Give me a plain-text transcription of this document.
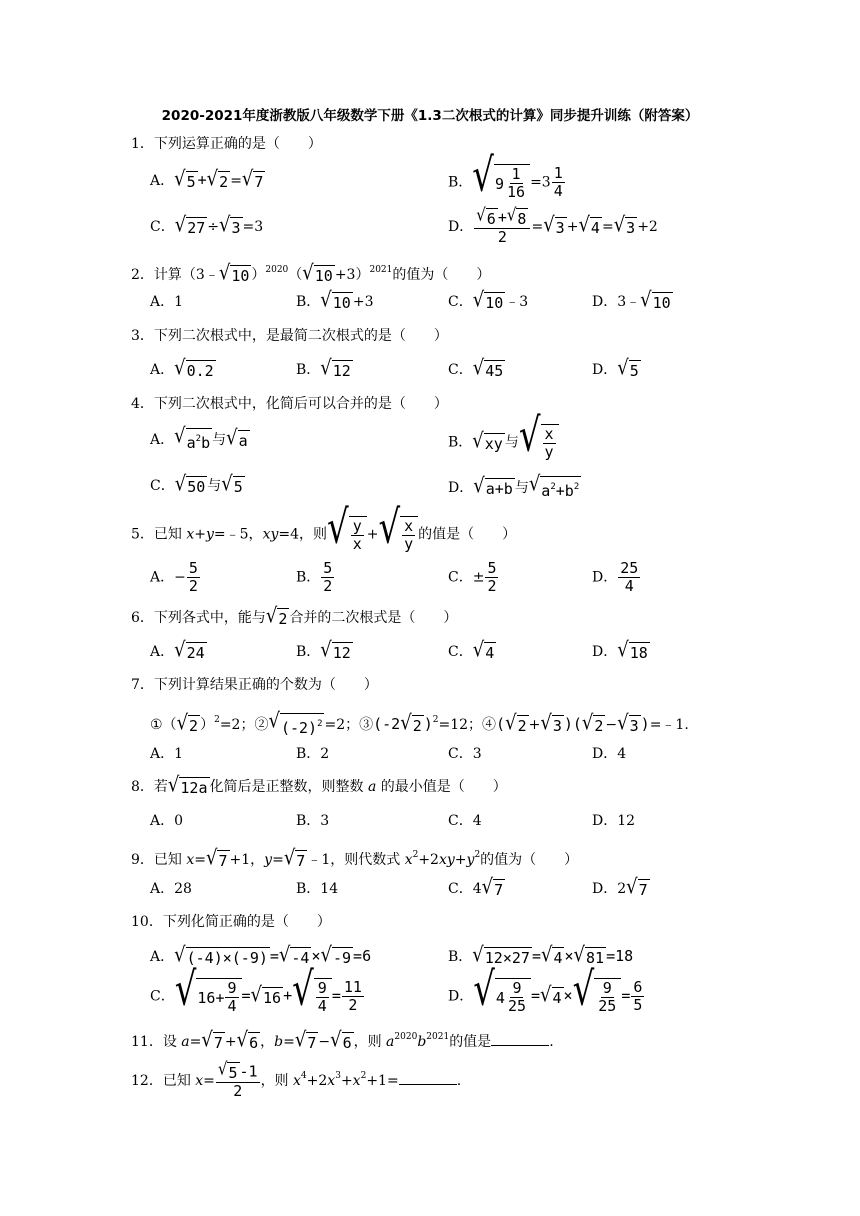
2020-2021年度浙教版八年级数学下册《1.3二次根式的计算》同步提升训练（附答案）
1．下列运算正确的是（　　）
A． √ 5 + √ 2 = √ 7	B． √ $9 \frac{1}{16} =3 \frac{1}{4}$
C． √ 27 ÷ √ 3 =3	D． $\frac{√ 6 + √ 8}{2}$ = √ 3 + √ 4 = √ 3 +2
2．计算（3﹣ √ 10 ）$^{2020}$（ √ 10 +3）$^{2021}$的值为（　　）
A．1	B． √ 10 +3	C． √ 10 ﹣3	D．3﹣ √ 10
3．下列二次根式中，是最简二次根式的是（　　）
A． √ 0.2	B． √ 12	C． √ 45	D． √ 5
4．下列二次根式中，化简后可以合并的是（　　）
A． √ $a^2b$ 与 √ a	B． √ xy 与 √ $\frac{x}{y}$
C． √ 50 与 √ 5	D． √ a+b 与 √ $a^2+b^2$
5．已知 x+y=﹣5，xy=4，则 √ $\frac{y}{x}$ + √ $\frac{x}{y}$ 的值是（　　）
A．− $\frac{5}{2}$	B． $\frac{5}{2}$	C．± $\frac{5}{2}$	D． $\frac{25}{4}$
6．下列各式中，能与 √ 2 合并的二次根式是（　　）
A． √ 24	B． √ 12	C． √ 4	D． √ 18
7．下列计算结果正确的个数为（　　）
①（ √ 2 ）$^2$=2；② √ $(-2)^2 =2$；③(-2 √ 2 )$^2$=12；④( √ 2 + √ 3 )( √ 2 − √ 3 )=﹣1.
A．1	B．2	C．3	D．4
8．若 √ 12a 化简后是正整数，则整数 a 的最小值是（　　）
A．0	B．3	C．4	D．12
9．已知 x= √ 7 +1，y= √ 7 ﹣1，则代数式 $x^2+2xy+y^2$的值为（　　）
A．28	B．14	C．4 √ 7	D．2 √ 7
10．下列化简正确的是（　　）
A． √ (-4)×(-9) = √ -4 × √ -9 =6	B． √ 12×27 = √ 4 × √ 81 =18
C． √ $16+ \frac{9}{4}$ = √ 16 + √ $\frac{9}{4} = \frac{11}{2}$	D． √ $4 \frac{9}{25}$ = √ 4 × √ $\frac{9}{25} = \frac{6}{5}$
11．设 a= √ 7 + √ 6 ，b= √ 7 − √ 6 ，则 $a^{2020}b^{2021}$的值是	.
12．已知 $x= \frac{√ 5 -1}{2}$ ，则 $x^4+2x^3+x^2+1=$	.
